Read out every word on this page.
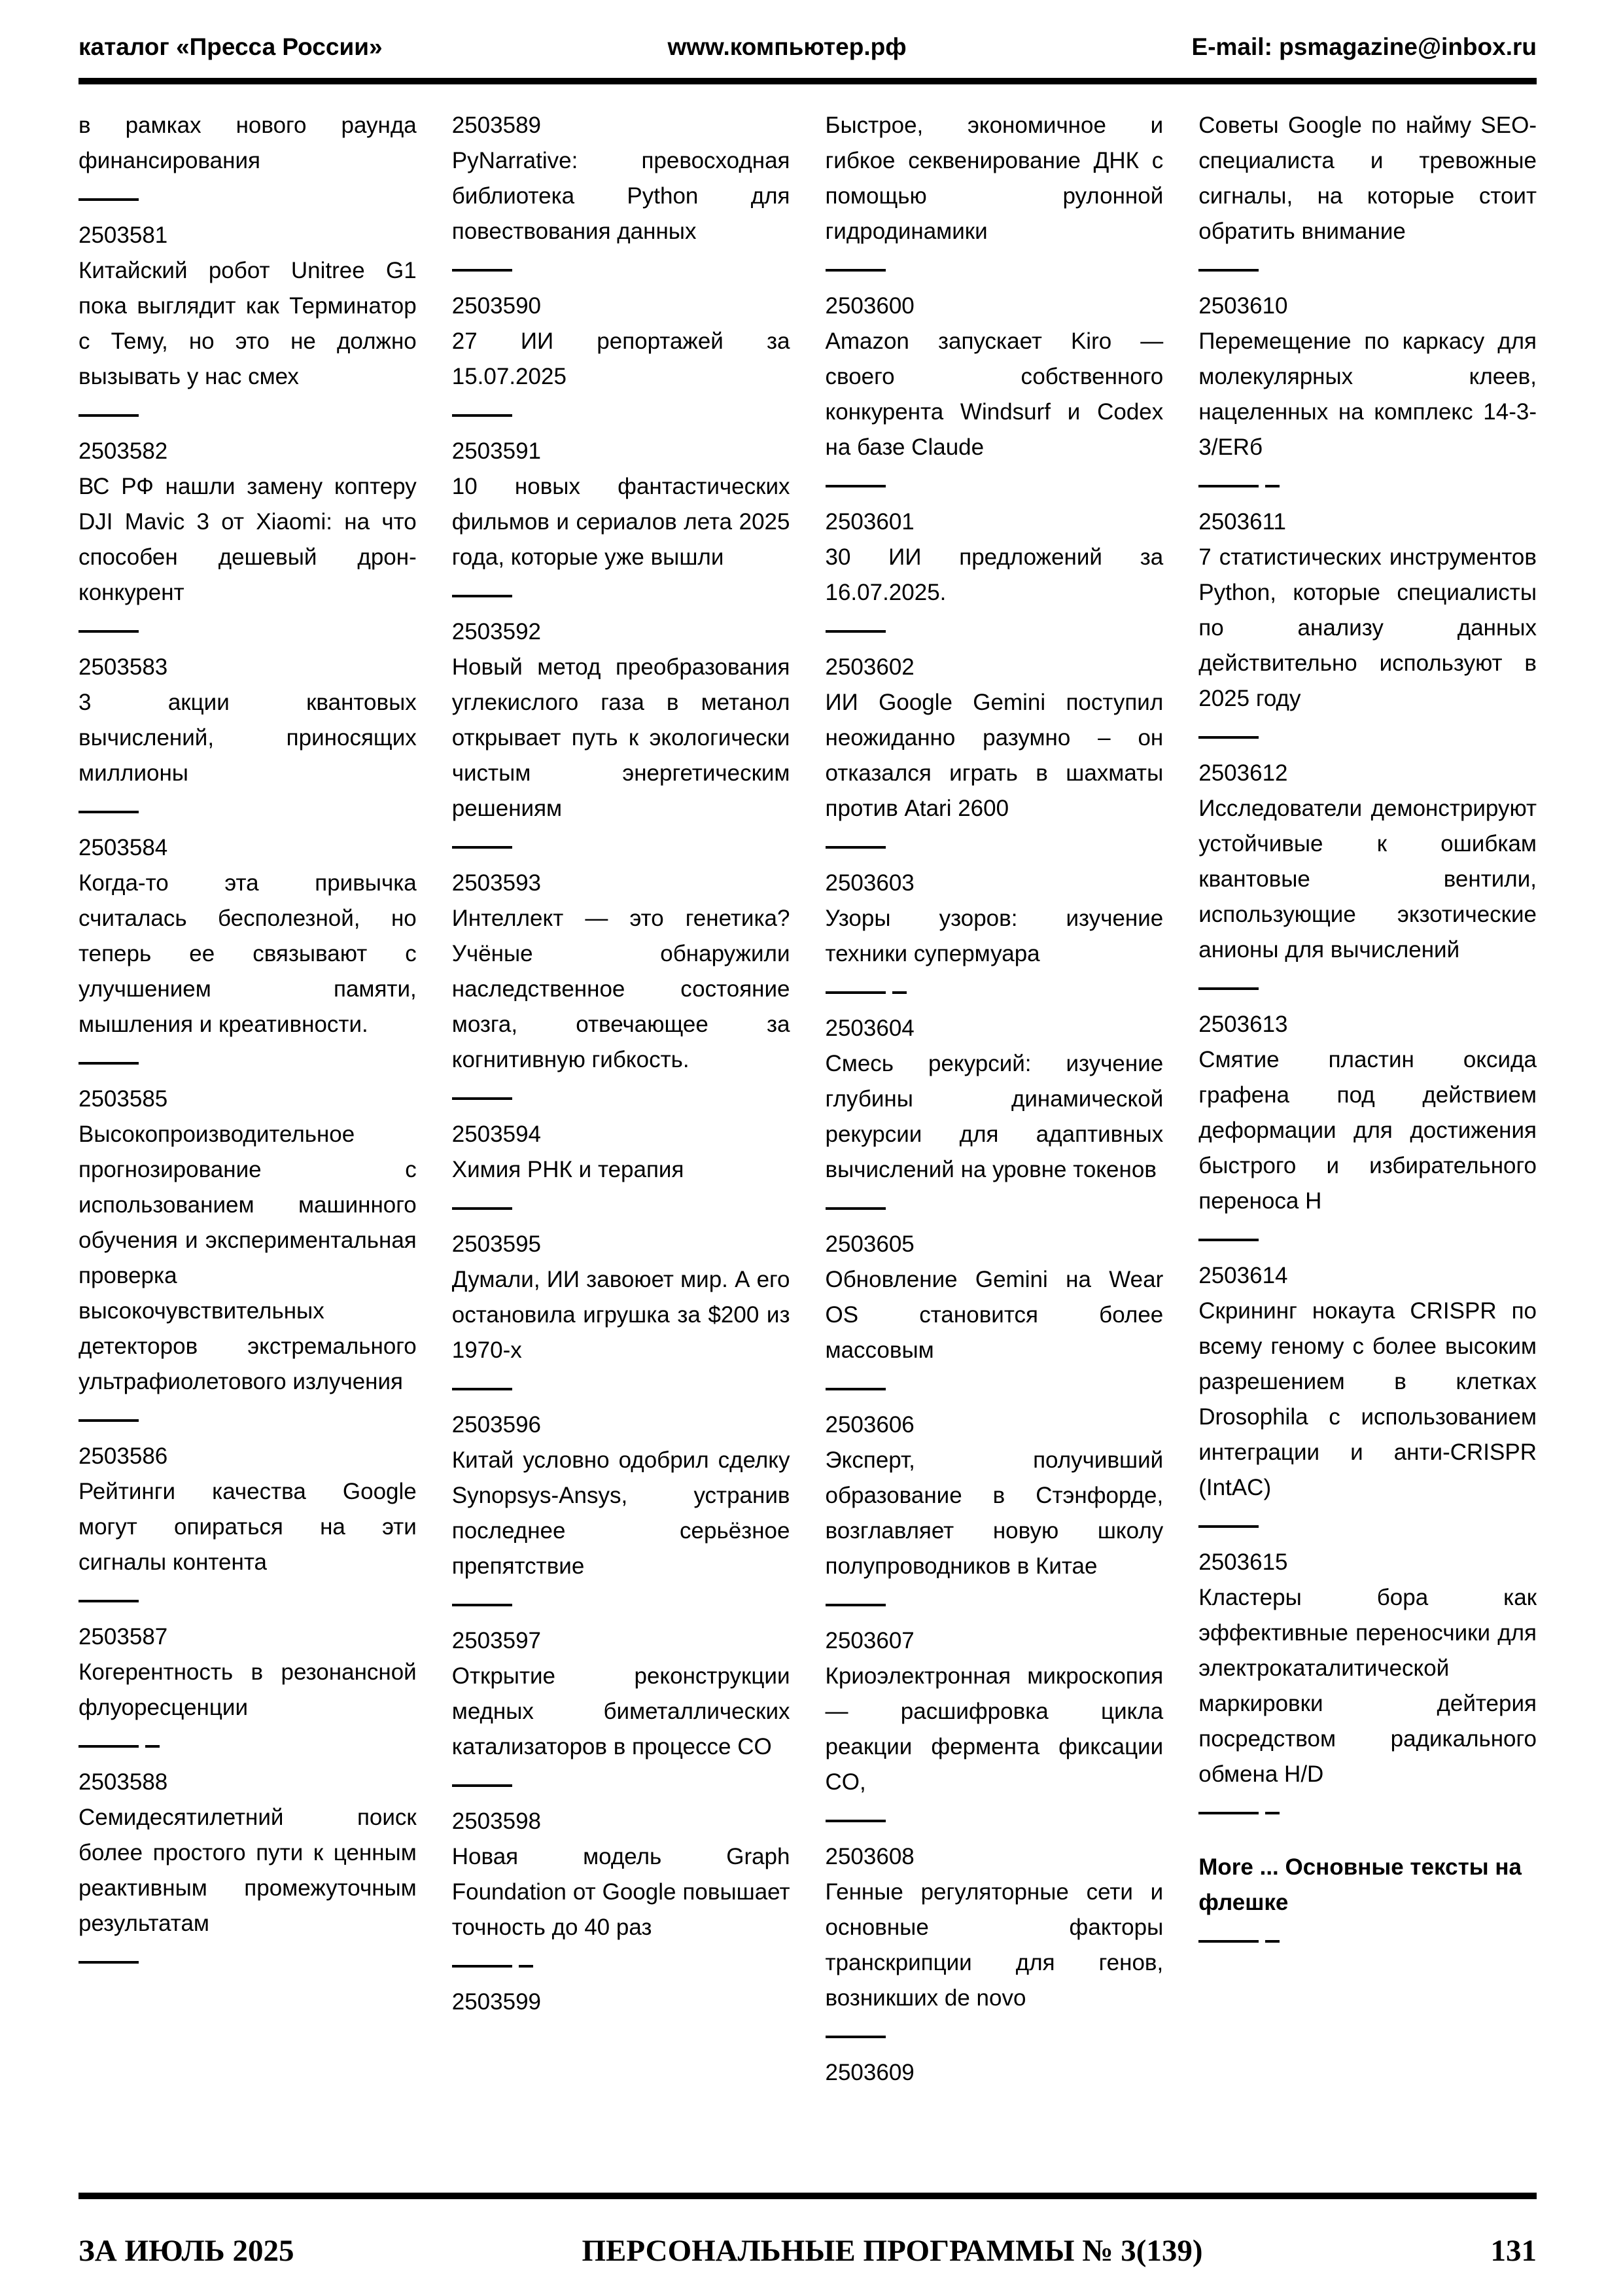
каталог «Пресса России»	www.компьютер.рф	E-mail: psmagazine@inbox.ru

в рамках нового раунда финансирования

2503581

Китайский робот Unitree G1 пока выглядит как Терминатор с Тему, но это не должно вызывать у нас смех

2503582

ВС РФ нашли замену коптеру DJI Mavic 3 от Xiaomi: на что способен дешевый дрон-конкурент

2503583

3 акции квантовых вычислений, приносящих миллионы

2503584

Когда-то эта привычка считалась бесполезной, но теперь ее связывают с улучшением памяти, мышления и креативности.

2503585

Высокопроизводительное прогнозирование с использованием машинного обучения и экспериментальная проверка высокочувствительных детекторов экстремального ультрафиолетового излучения

2503586

Рейтинги качества Google могут опираться на эти сигналы контента

2503587

Когерентность в резонансной флуоресценции

2503588

Семидесятилетний поиск более простого пути к ценным реактивным промежуточным результатам

2503589

PyNarrative: превосходная библиотека Python для повествования данных

2503590

27 ИИ репортажей за 15.07.2025

2503591

10 новых фантастических фильмов и сериалов лета 2025 года, которые уже вышли

2503592

Новый метод преобразования углекислого газа в метанол открывает путь к экологически чистым энергетическим решениям

2503593

Интеллект — это генетика? Учёные обнаружили наследственное состояние мозга, отвечающее за когнитивную гибкость.

2503594

Химия РНК и терапия

2503595

Думали, ИИ завоюет мир. А его остановила игрушка за $200 из 1970-х

2503596

Китай условно одобрил сделку Synopsys-Ansys, устранив последнее серьёзное препятствие

2503597

Открытие реконструкции медных биметаллических катализаторов в процессе CO

2503598

Новая модель Graph Foundation от Google повышает точность до 40 раз

2503599

Быстрое, экономичное и гибкое секвенирование ДНК с помощью рулонной гидродинамики

2503600

Amazon запускает Kiro — своего собственного конкурента Windsurf и Codex на базе Claude

2503601

30 ИИ предложений за 16.07.2025.

2503602

ИИ Google Gemini поступил неожиданно разумно – он отказался играть в шахматы против Atari 2600

2503603

Узоры узоров: изучение техники супермуара

2503604

Смесь рекурсий: изучение глубины динамической рекурсии для адаптивных вычислений на уровне токенов

2503605

Обновление Gemini на Wear OS становится более массовым

2503606

Эксперт, получивший образование в Стэнфорде, возглавляет новую школу полупроводников в Китае

2503607

Криоэлектронная микроскопия — расшифровка цикла реакции фермента фиксации CO,

2503608

Генные регуляторные сети и основные факторы транскрипции для генов, возникших de novo

2503609

Советы Google по найму SEO-специалиста и тревожные сигналы, на которые стоит обратить внимание

2503610

Перемещение по каркасу для молекулярных клеев, нацеленных на комплекс 14-3-3/ERб

2503611

7 статистических инструментов Python, которые специалисты по анализу данных действительно используют в 2025 году

2503612

Исследователи демонстрируют устойчивые к ошибкам квантовые вентили, использующие экзотические анионы для вычислений

2503613

Смятие пластин оксида графена под действием деформации для достижения быстрого и избирательного переноса H

2503614

Скрининг нокаута CRISPR по всему геному с более высоким разрешением в клетках Drosophila с использованием интеграции и анти-CRISPR (IntAC)

2503615

Кластеры бора как эффективные переносчики для электрокаталитической маркировки дейтерия посредством радикального обмена H/D

More ... Основные тексты на флешке

ЗА ИЮЛЬ 2025	ПЕРСОНАЛЬНЫЕ ПРОГРАММЫ № 3(139)	131
